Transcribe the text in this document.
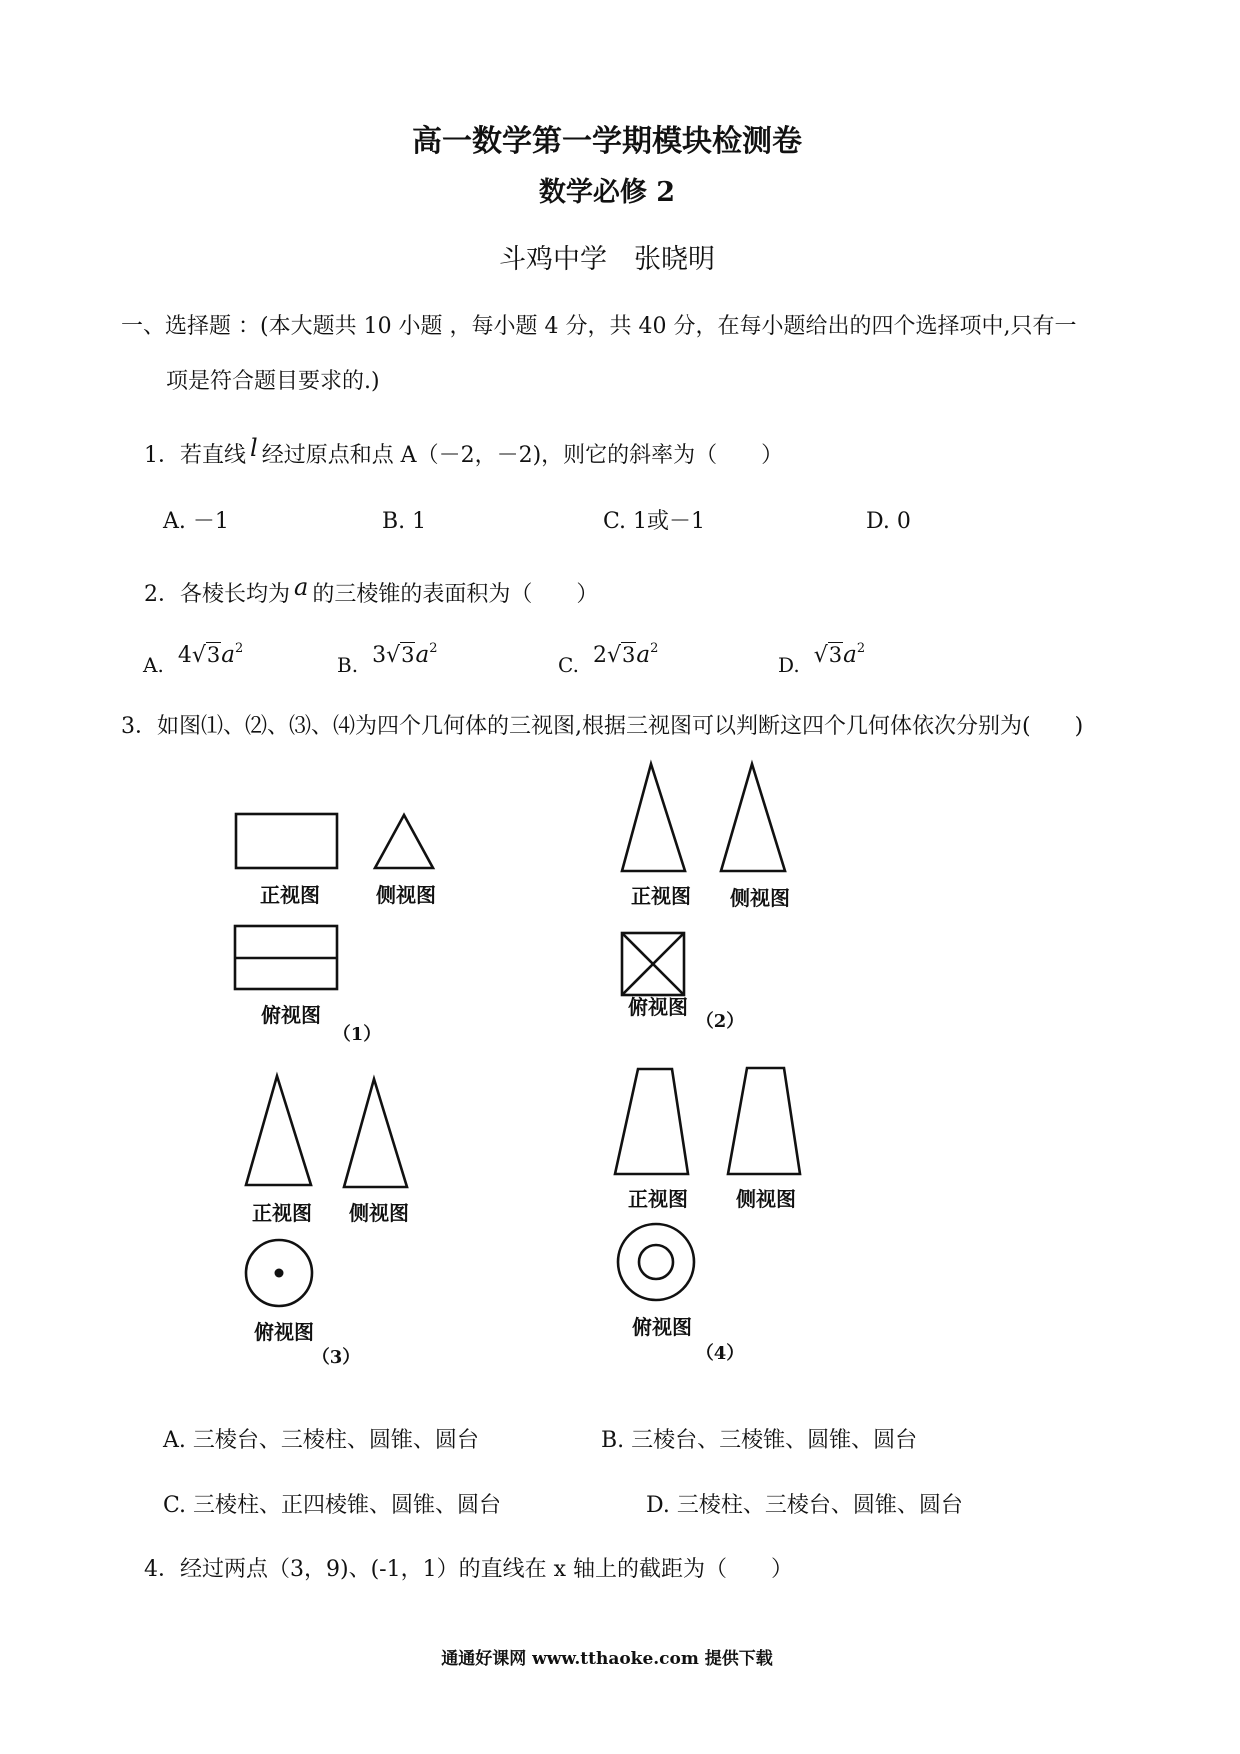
高一数学第一学期模块检测卷
数学必修 2
斗鸡中学　张晓明
一、选择题 ：(本大题共 10 小题 ，每小题 4 分，共 40 分，在每小题给出的四个选择项中,只有一
项是符合题目要求的.)
1．若直线 l 经过原点和点 A（－2，－2)，则它的斜率为（　　）
A. －1	B. 1	C. 1或－1	D. 0
2．各棱长均为 a 的三棱锥的表面积为（　　）
A. $4√3a^2$
B. $3√3a^2$
C. $2√3a^2$
D. $√3a^2$
3．如图⑴、⑵、⑶、⑷为四个几何体的三视图,根据三视图可以判断这四个几何体依次分别为(　　)
正视图	侧视图
俯视图
（1）
正视图 侧视图
俯视图
（2）
正视图 侧视图
俯视图
（3）
正视图 侧视图
俯视图
（4）
A. 三棱台、三棱柱、圆锥、圆台	B. 三棱台、三棱锥、圆锥、圆台
C. 三棱柱、正四棱锥、圆锥、圆台	D. 三棱柱、三棱台、圆锥、圆台
4．经过两点（3，9)、(-1，1）的直线在 x 轴上的截距为（　　）
通通好课网 www.tthaoke.com 提供下载
